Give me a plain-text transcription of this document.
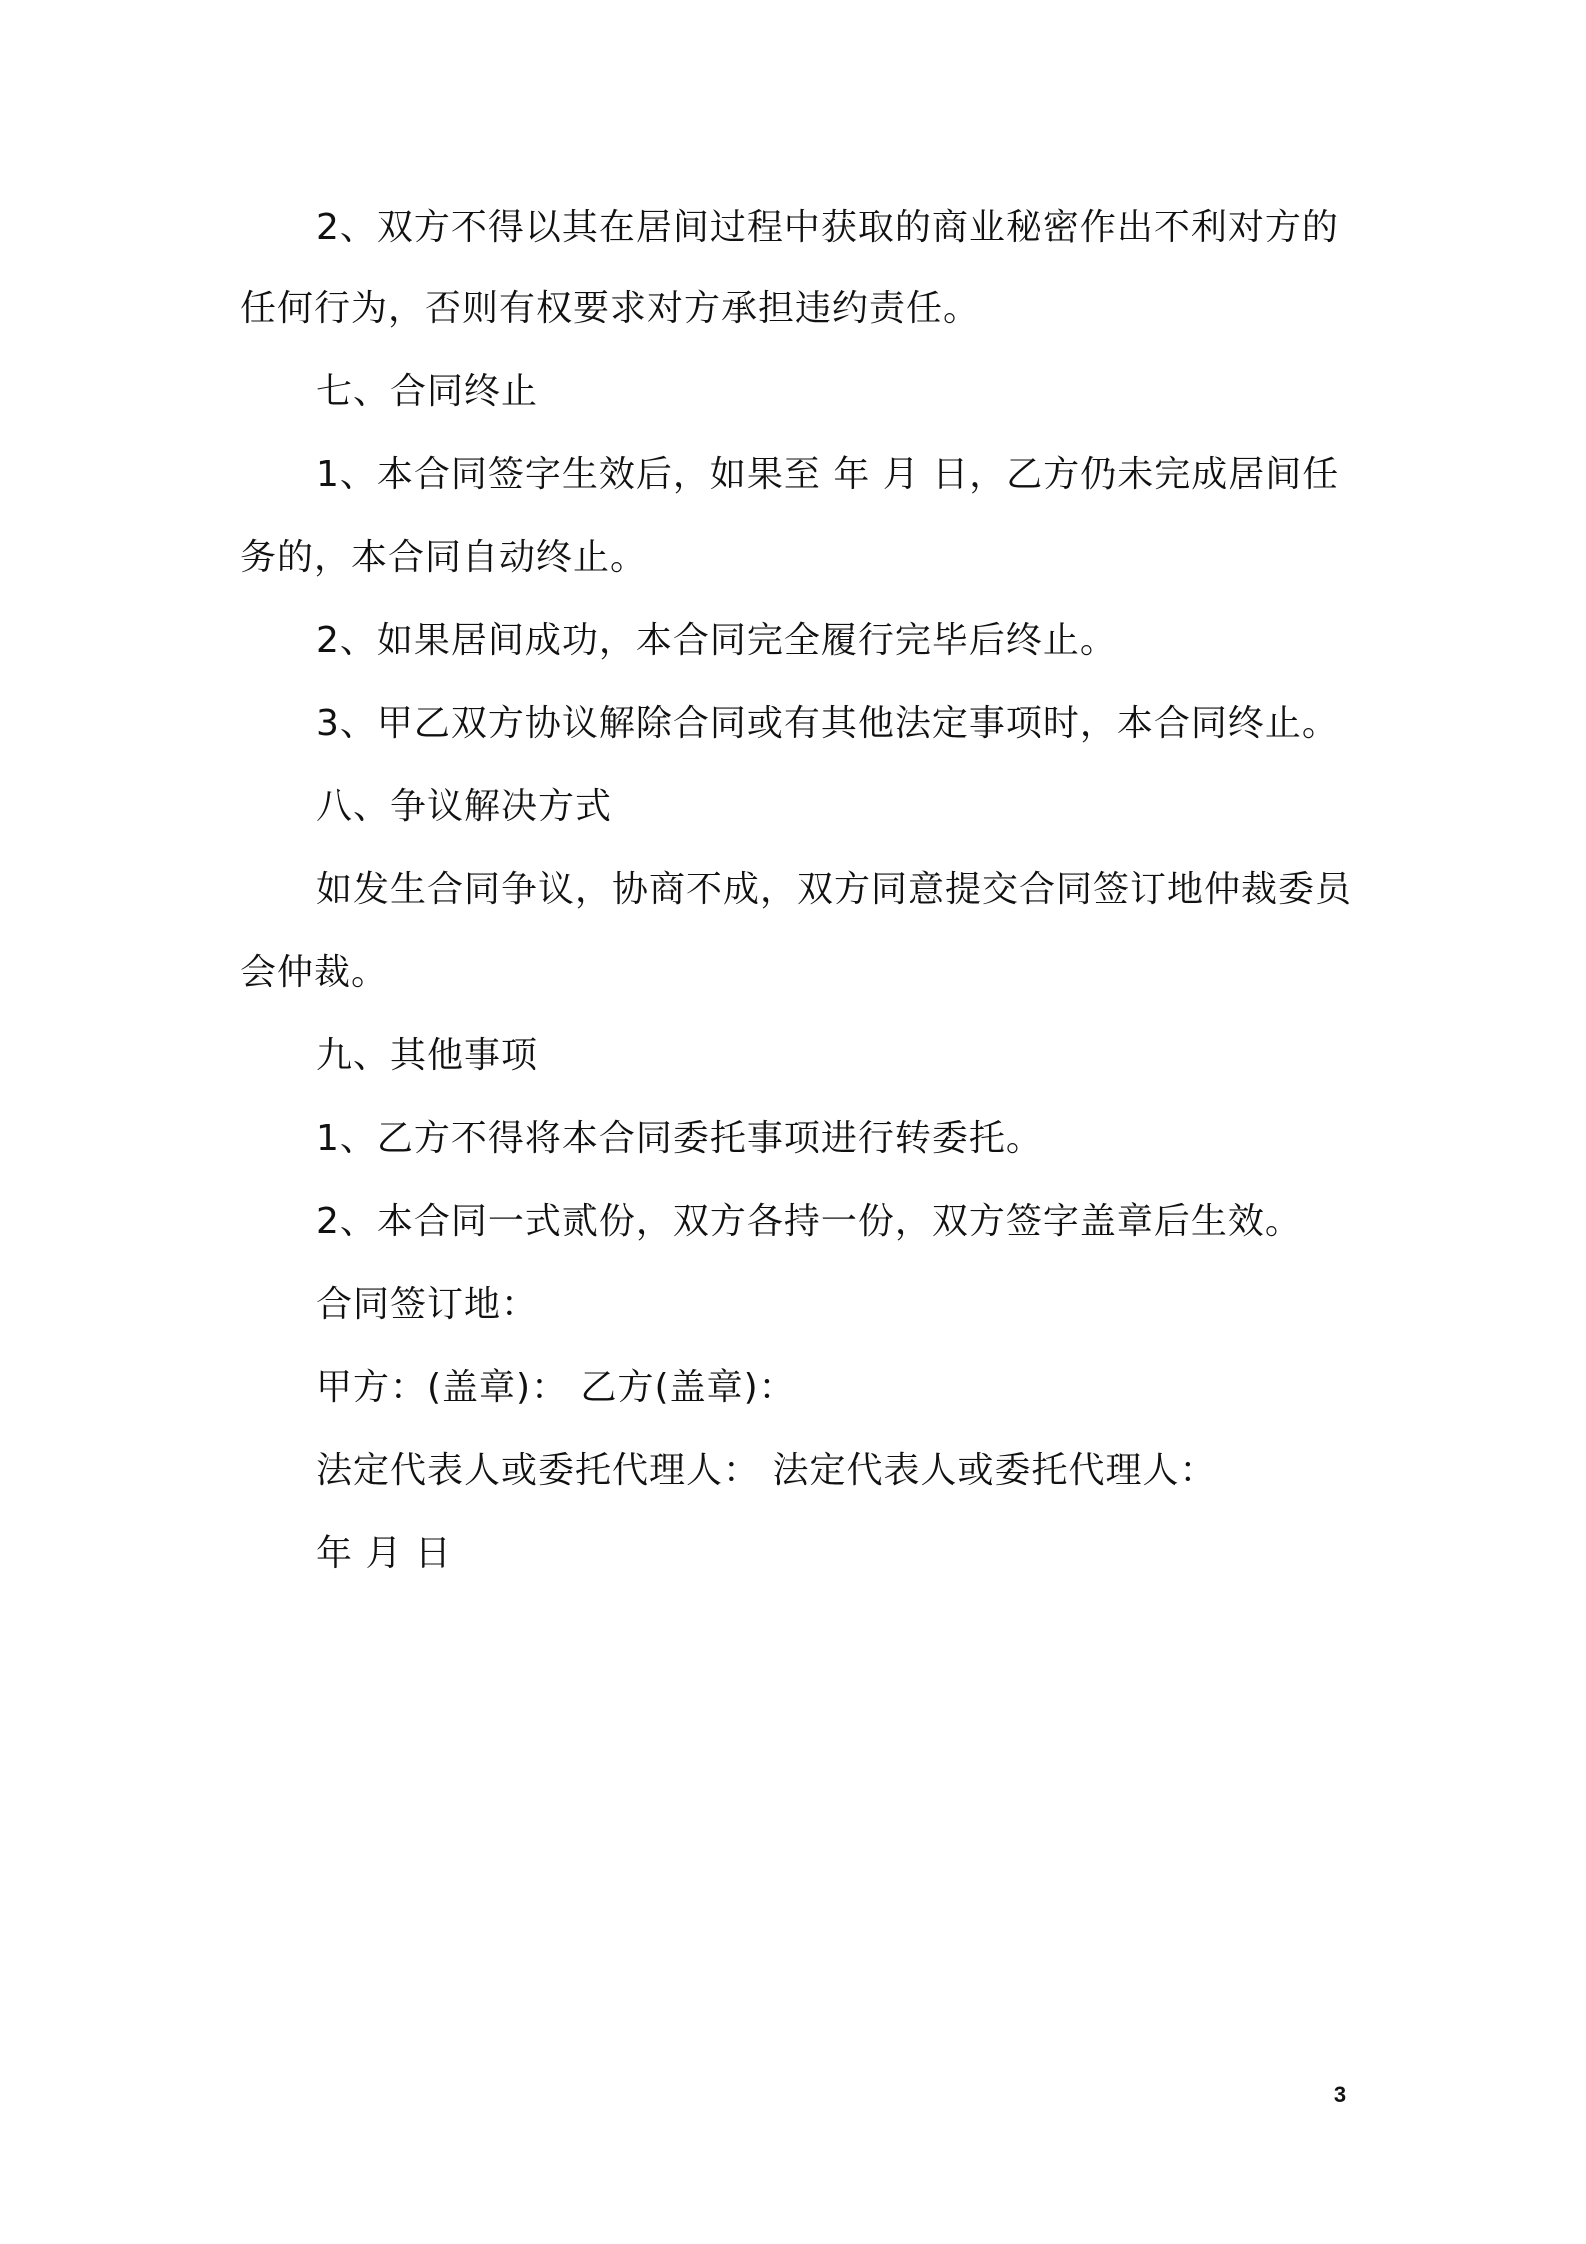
2、双方不得以其在居间过程中获取的商业秘密作出不利对方的
任何行为，否则有权要求对方承担违约责任。
七、合同终止
1、本合同签字生效后，如果至 年 月 日，乙方仍未完成居间任
务的，本合同自动终止。
2、如果居间成功，本合同完全履行完毕后终止。
3、甲乙双方协议解除合同或有其他法定事项时，本合同终止。
八、争议解决方式
如发生合同争议，协商不成，双方同意提交合同签订地仲裁委员
会仲裁。
九、其他事项
1、乙方不得将本合同委托事项进行转委托。
2、本合同一式贰份，双方各持一份，双方签字盖章后生效。
合同签订地：
甲方：(盖章)： 乙方(盖章)：
法定代表人或委托代理人： 法定代表人或委托代理人：
年 月 日
3
